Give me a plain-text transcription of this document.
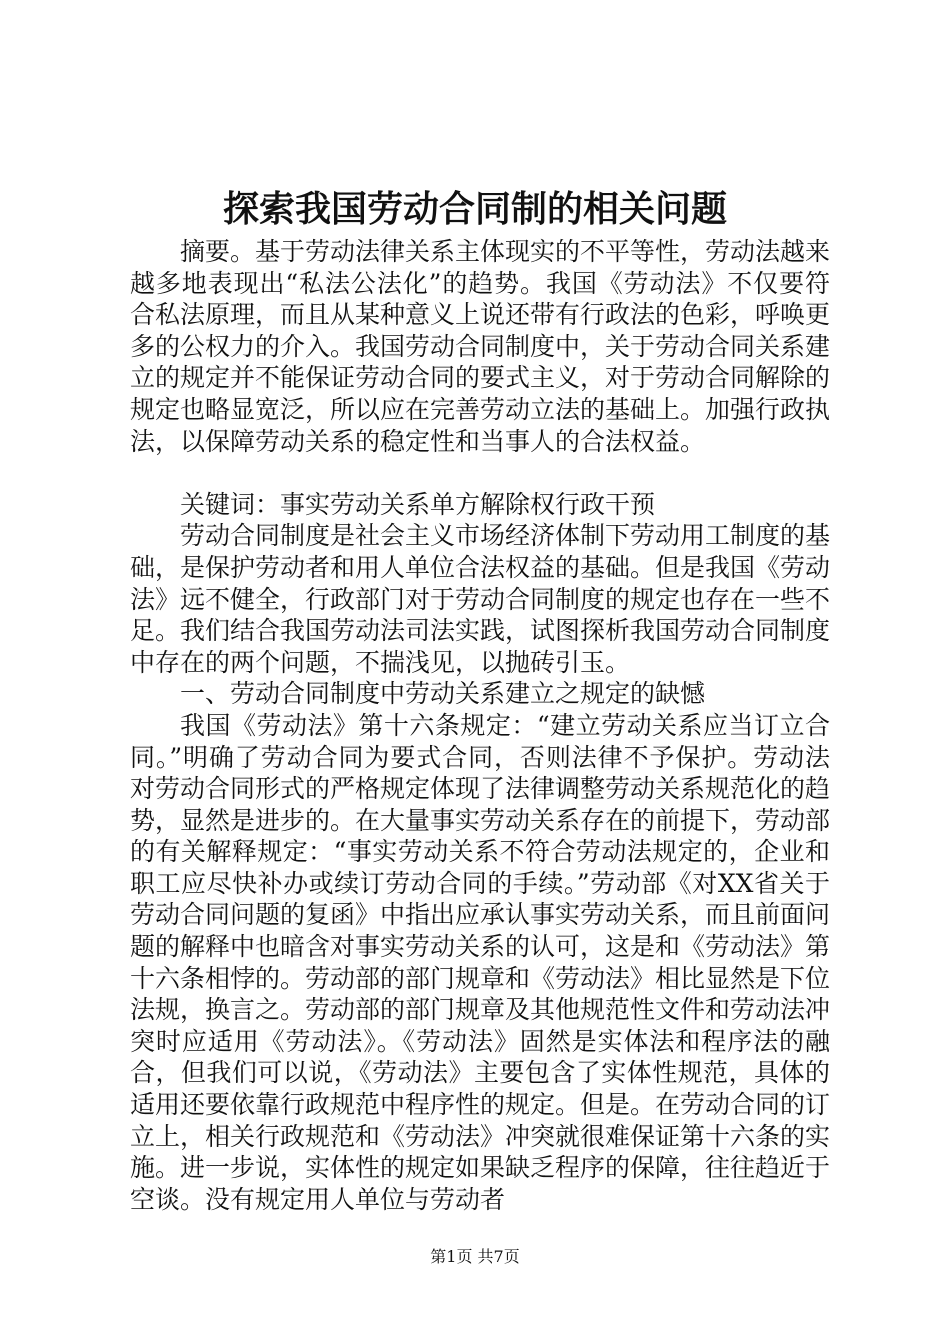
探索我国劳动合同制的相关问题

摘要。基于劳动法律关系主体现实的不平等性，劳动法越来越多地表现出“私法公法化”的趋势。我国《劳动法》不仅要符合私法原理，而且从某种意义上说还带有行政法的色彩，呼唤更多的公权力的介入。我国劳动合同制度中，关于劳动合同关系建立的规定并不能保证劳动合同的要式主义，对于劳动合同解除的规定也略显宽泛，所以应在完善劳动立法的基础上。加强行政执法，以保障劳动关系的稳定性和当事人的合法权益。

关键词：事实劳动关系单方解除权行政干预

劳动合同制度是社会主义市场经济体制下劳动用工制度的基础，是保护劳动者和用人单位合法权益的基础。但是我国《劳动法》远不健全，行政部门对于劳动合同制度的规定也存在一些不足。我们结合我国劳动法司法实践，试图探析我国劳动合同制度中存在的两个问题，不揣浅见，以抛砖引玉。

一、劳动合同制度中劳动关系建立之规定的缺憾

我国《劳动法》第十六条规定：“建立劳动关系应当订立合同。”明确了劳动合同为要式合同，否则法律不予保护。劳动法对劳动合同形式的严格规定体现了法律调整劳动关系规范化的趋势，显然是进步的。在大量事实劳动关系存在的前提下，劳动部的有关解释规定：“事实劳动关系不符合劳动法规定的，企业和职工应尽快补办或续订劳动合同的手续。”劳动部《对XX省关于劳动合同问题的复函》中指出应承认事实劳动关系，而且前面问题的解释中也暗含对事实劳动关系的认可，这是和《劳动法》第十六条相悖的。劳动部的部门规章和《劳动法》相比显然是下位法规，换言之。劳动部的部门规章及其他规范性文件和劳动法冲突时应适用《劳动法》。《劳动法》固然是实体法和程序法的融合，但我们可以说，《劳动法》主要包含了实体性规范，具体的适用还要依靠行政规范中程序性的规定。但是。在劳动合同的订立上，相关行政规范和《劳动法》冲突就很难保证第十六条的实施。进一步说，实体性的规定如果缺乏程序的保障，往往趋近于空谈。没有规定用人单位与劳动者

第1页 共7页
